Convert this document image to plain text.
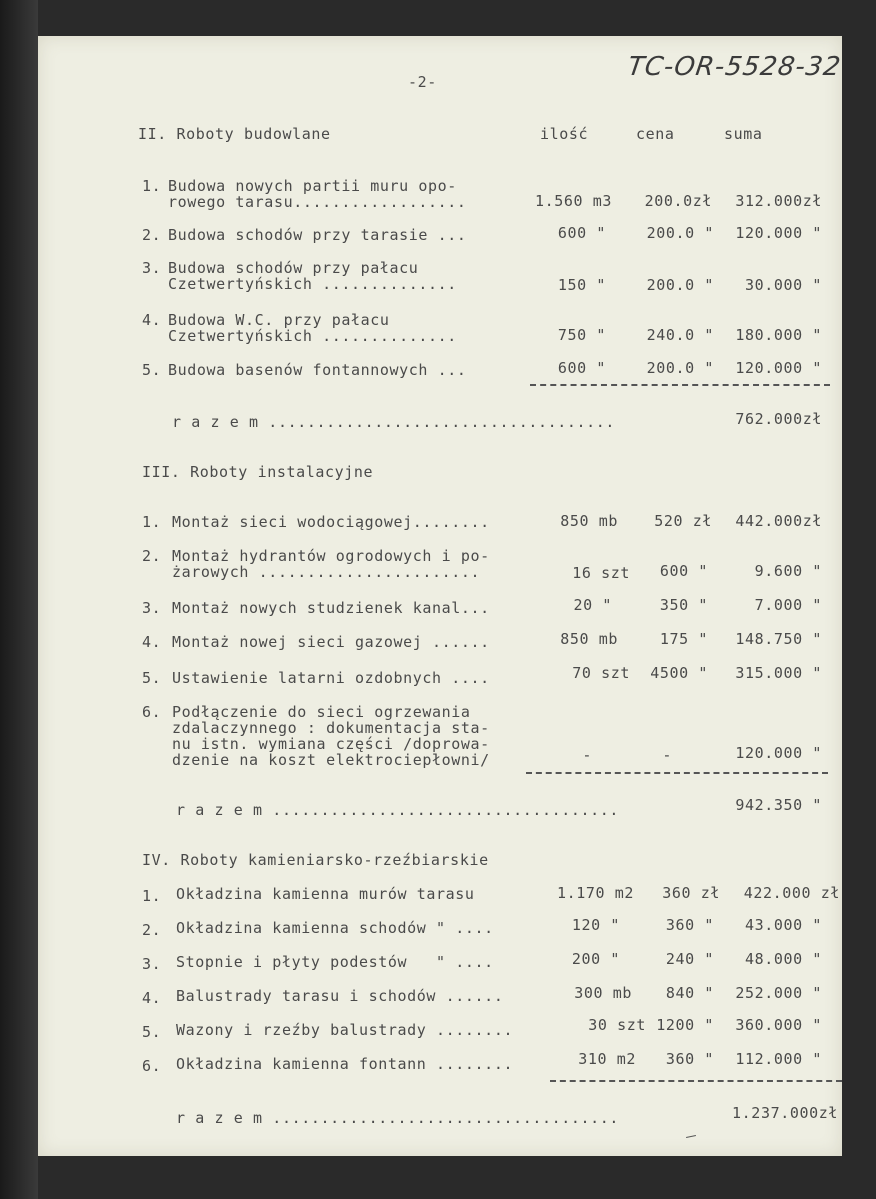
-2-	TC-OR-5528-32
II. Roboty budowlane	ilość	cena	suma
1. Budowa nowych partii muru opo-
rowego tarasu..................	1.560 m3 200.0zł 312.000zł
2. Budowa schodów przy tarasie ...	600 "	200.0 " 120.000 "
3. Budowa schodów przy pałacu
Czetwertyńskich ..............	150 "	200.0 " 30.000 "
4. Budowa W.C. przy pałacu
Czetwertyńskich ..............	750 "	240.0 " 180.000 "
5. Budowa basenów fontannowych ...	600 "	200.0 " 120.000 "
r a z e m ....................................	762.000zł
III. Roboty instalacyjne
1. Montaż sieci wodociągowej........	850 mb 520 zł 442.000zł
2. Montaż hydrantów ogrodowych i po-
żarowych .......................	16 szt 600 "	9.600 "
3. Montaż nowych studzienek kanal...	20 "	350 "	7.000 "
4. Montaż nowej sieci gazowej ......	850 mb	175 " 148.750 "
5. Ustawienie latarni ozdobnych ....	70 szt 4500 " 315.000 "
6. Podłączenie do sieci ogrzewania
zdalaczynnego : dokumentacja sta-
nu istn. wymiana części /doprowa-
dzenie na koszt elektrociepłowni/	-	-	120.000 "
r a z e m ....................................	942.350 "
IV. Roboty kamieniarsko-rzeźbiarskie
1. Okładzina kamienna murów tarasu	1.170 m2 360 zł 422.000 zł
2. Okładzina kamienna schodów " ....	120 "	360 " 43.000 "
3. Stopnie i płyty podestów   " ....	200 "	240 " 48.000 "
4. Balustrady tarasu i schodów ......	300 mb 840 " 252.000 "
5. Wazony i rzeźby balustrady ........	30 szt 1200 " 360.000 "
6. Okładzina kamienna fontann ........	310 m2 360 " 112.000 "
r a z e m ....................................	1.237.000zł
